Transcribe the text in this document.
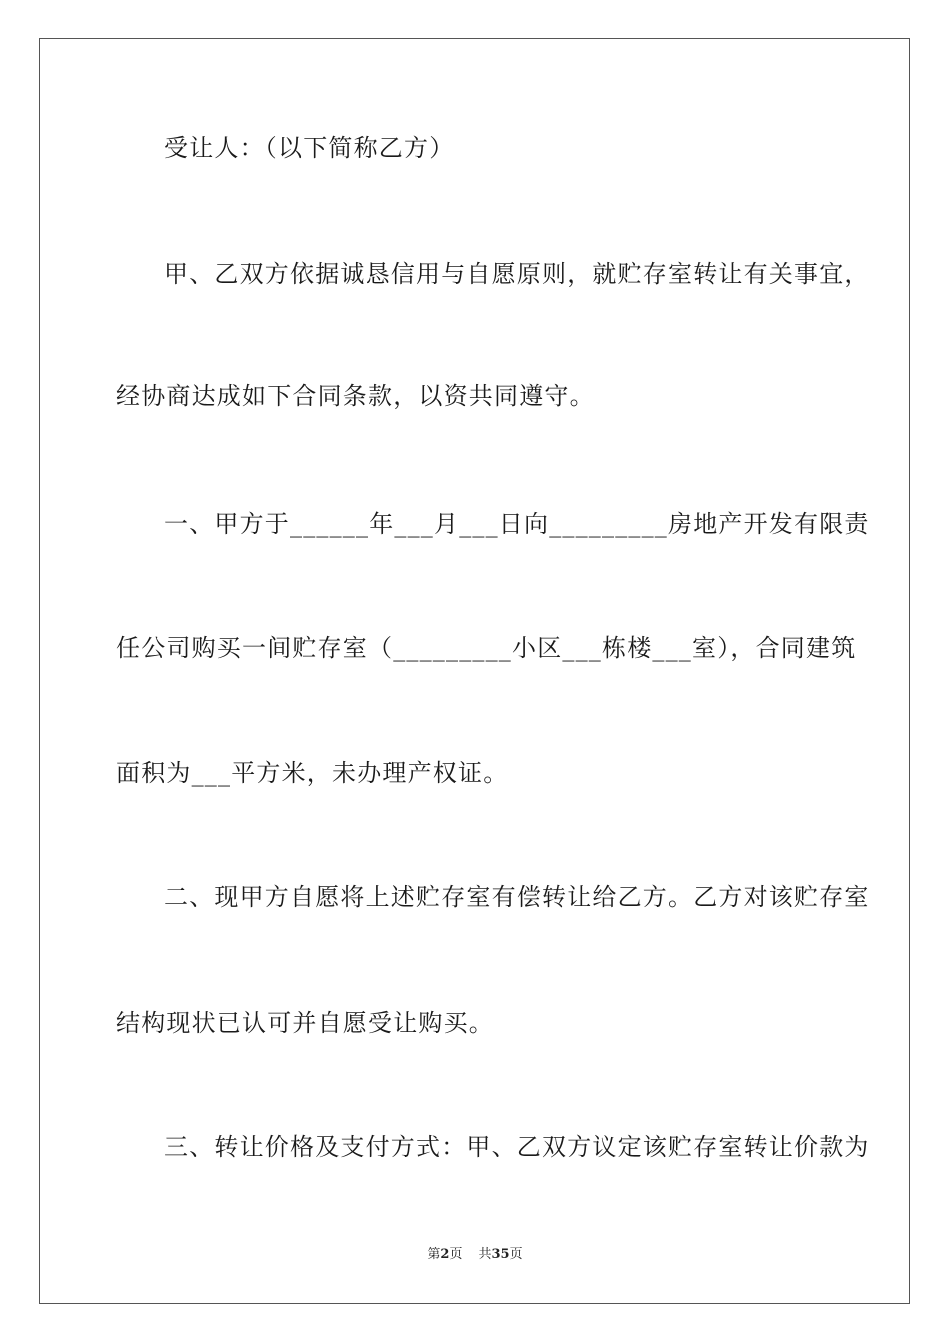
受让人：（以下简称乙方）
甲、乙双方依据诚恳信用与自愿原则，就贮存室转让有关事宜，
经协商达成如下合同条款，以资共同遵守。
一、甲方于______年___月___日向_________房地产开发有限责
任公司购买一间贮存室（_________小区___栋楼___室），合同建筑
面积为___平方米，未办理产权证。
二、现甲方自愿将上述贮存室有偿转让给乙方。乙方对该贮存室
结构现状已认可并自愿受让购买。
三、转让价格及支付方式：甲、乙双方议定该贮存室转让价款为
第2页 共35页
